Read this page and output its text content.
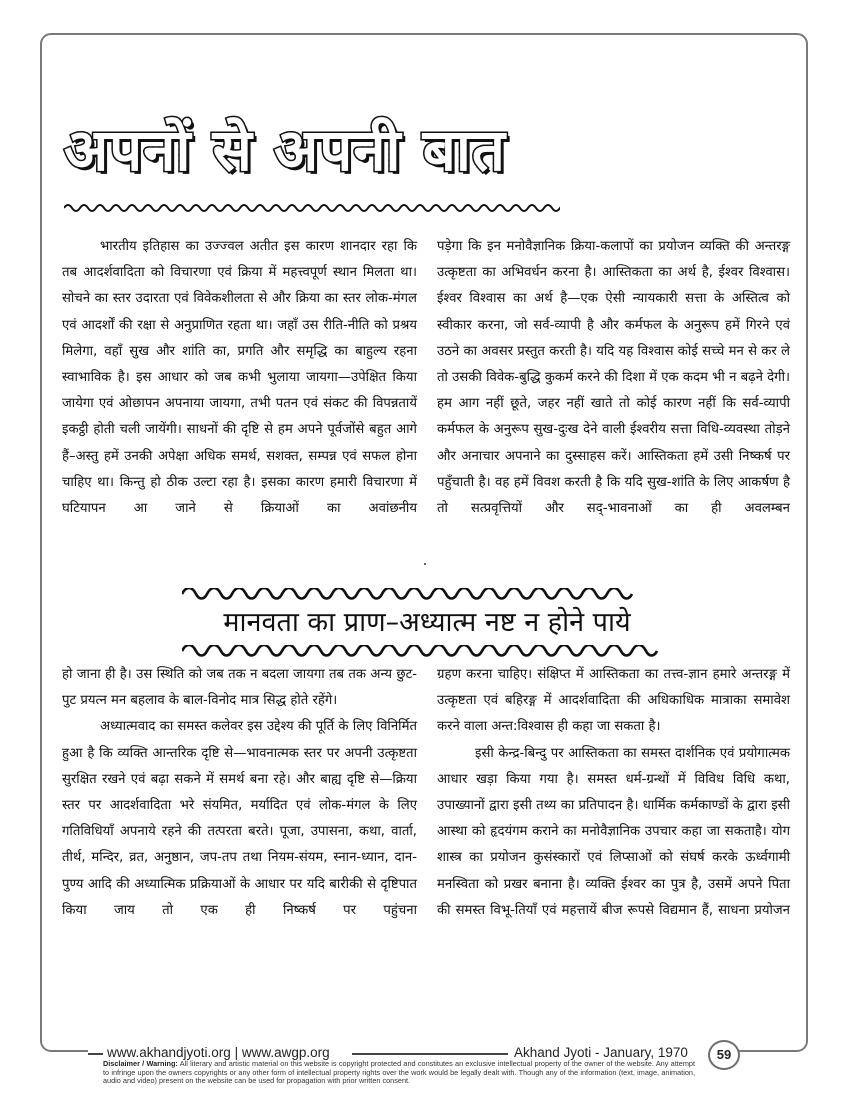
अपनों से अपनी बात

भारतीय इतिहास का उज्ज्वल अतीत इस कारण शानदार रहा कि तब आदर्शवादिता को विचारणा एवं क्रिया में महत्त्वपूर्ण स्थान मिलता था। सोचने का स्तर उदारता एवं विवेकशीलता से और क्रिया का स्तर लोक-मंगल एवं आदर्शों की रक्षा से अनुप्राणित रहता था। जहाँ उस रीति-नीति को प्रश्रय मिलेगा, वहाँ सुख और शांति का, प्रगति और समृद्धि का बाहुल्य रहना स्वाभाविक है। इस आधार को जब कभी भुलाया जायगा—उपेक्षित किया जायेगा एवं ओछापन अपनाया जायगा, तभी पतन एवं संकट की विपन्नतायें इकट्ठी होती चली जायेंगी। साधनों की दृष्टि से हम अपने पूर्वजोंसे बहुत आगे हैं–अस्तु हमें उनकी अपेक्षा अधिक समर्थ, सशक्त, सम्पन्न एवं सफल होना चाहिए था। किन्तु हो ठीक उल्टा रहा है। इसका कारण हमारी विचारणा में घटियापन आ जाने से क्रियाओं का अवांछनीय

पड़ेगा कि इन मनोवैज्ञानिक क्रिया-कलापों का प्रयोजन व्यक्ति की अन्तरङ्ग उत्कृष्टता का अभिवर्धन करना है। आस्तिकता का अर्थ है, ईश्वर विश्वास। ईश्वर विश्वास का अर्थ है—एक ऐसी न्यायकारी सत्ता के अस्तित्व को स्वीकार करना, जो सर्व-व्यापी है और कर्मफल के अनुरूप हमें गिरने एवं उठने का अवसर प्रस्तुत करती है। यदि यह विश्वास कोई सच्चे मन से कर ले तो उसकी विवेक-बुद्धि कुकर्म करने की दिशा में एक कदम भी न बढ़ने देगी। हम आग नहीं छूते, जहर नहीं खाते तो कोई कारण नहीं कि सर्व-व्यापी कर्मफल के अनुरूप सुख-दुःख देने वाली ईश्वरीय सत्ता विधि-व्यवस्था तोड़ने और अनाचार अपनाने का दुस्साहस करें। आस्तिकता हमें उसी निष्कर्ष पर पहुँचाती है। वह हमें विवश करती है कि यदि सुख-शांति के लिए आकर्षण है तो सत्प्रवृत्तियों और सद्-भावनाओं का ही अवलम्बन

मानवता का प्राण–अध्यात्म नष्ट न होने पाये

हो जाना ही है। उस स्थिति को जब तक न बदला जायगा तब तक अन्य छुट-पुट प्रयत्न मन बहलाव के बाल-विनोद मात्र सिद्ध होते रहेंगे।

अध्यात्मवाद का समस्त कलेवर इस उद्देश्य की पूर्ति के लिए विनिर्मित हुआ है कि व्यक्ति आन्तरिक दृष्टि से—भावनात्मक स्तर पर अपनी उत्कृष्टता सुरक्षित रखने एवं बढ़ा सकने में समर्थ बना रहे। और बाह्य दृष्टि से—क्रिया स्तर पर आदर्शवादिता भरे संयमित, मर्यादित एवं लोक-मंगल के लिए गतिविधियाँ अपनाये रहने की तत्परता बरते। पूजा, उपासना, कथा, वार्ता, तीर्थ, मन्दिर, व्रत, अनुष्ठान, जप-तप तथा नियम-संयम, स्नान-ध्यान, दान-पुण्य आदि की अध्यात्मिक प्रक्रियाओं के आधार पर यदि बारीकी से दृष्टिपात किया जाय तो एक ही निष्कर्ष पर पहुंचना

ग्रहण करना चाहिए। संक्षिप्त में आस्तिकता का तत्त्व-ज्ञान हमारे अन्तरङ्ग में उत्कृष्टता एवं बहिरङ्ग में आदर्शवादिता की अधिकाधिक मात्राका समावेश करने वाला अन्त:विश्वास ही कहा जा सकता है।

इसी केन्द्र-बिन्दु पर आस्तिकता का समस्त दार्शनिक एवं प्रयोगात्मक आधार खड़ा किया गया है। समस्त धर्म-ग्रन्थों में विविध विधि कथा, उपाख्यानों द्वारा इसी तथ्य का प्रतिपादन है। धार्मिक कर्मकाण्डों के द्वारा इसी आस्था को हृदयंगम कराने का मनोवैज्ञानिक उपचार कहा जा सकताहै। योग शास्त्र का प्रयोजन कुसंस्कारों एवं लिप्साओं को संघर्ष करके ऊर्ध्वगामी मनस्विता को प्रखर बनाना है। व्यक्ति ईश्वर का पुत्र है, उसमें अपने पिता की समस्त विभू-तियाँ एवं महत्तायें बीज रूपसे विद्यमान हैं, साधना प्रयोजन

www.akhandjyoti.org | www.awgp.org	Akhand Jyoti - January, 1970	59
Disclaimer / Warning: All literary and artistic material on this website is copyright protected and constitutes an exclusive intellectual property of the owner of the website. Any attempt to infringe upon the owners copyrights or any other form of intellectual property rights over the work would be legally dealt with. Though any of the information (text, image, animation, audio and video) present on the website can be used for propagation with prior written consent.
